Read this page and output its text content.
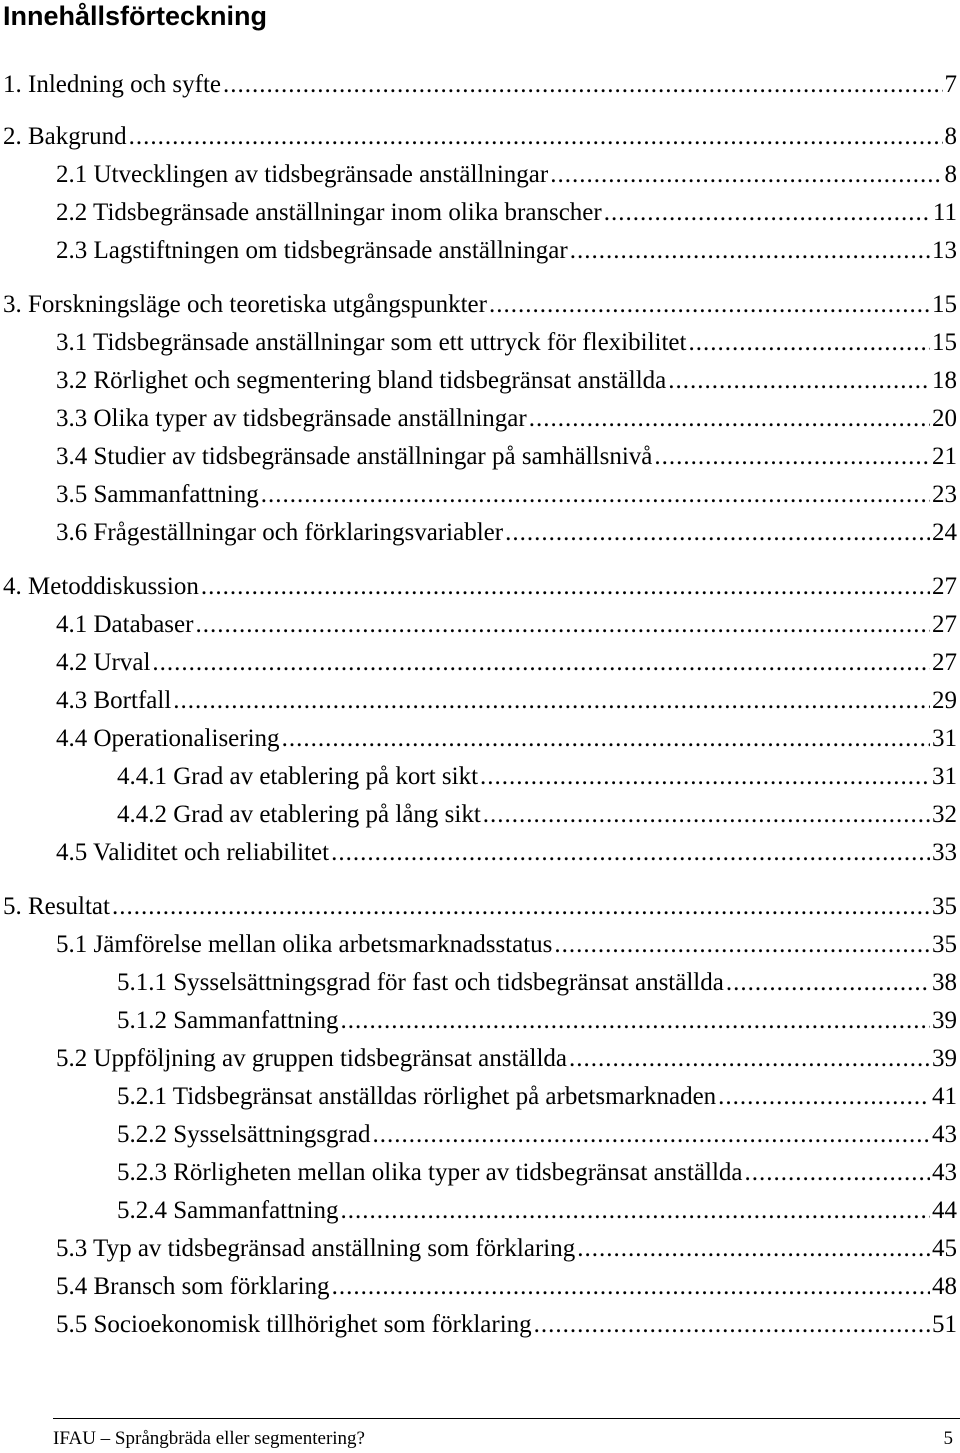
Innehållsförteckning
1. Inledning och syfte .....	7
2. Bakgrund .....	8
2.1 Utvecklingen av tidsbegränsade anställningar .....	8
2.2 Tidsbegränsade anställningar inom olika branscher .....	11
2.3 Lagstiftningen om tidsbegränsade anställningar .....	13
3. Forskningsläge och teoretiska utgångspunkter .....	15
3.1 Tidsbegränsade anställningar som ett uttryck för flexibilitet .....	15
3.2 Rörlighet och segmentering bland tidsbegränsat anställda .....	18
3.3 Olika typer av tidsbegränsade anställningar .....	20
3.4 Studier av tidsbegränsade anställningar på samhällsnivå .....	21
3.5 Sammanfattning .....	23
3.6 Frågeställningar och förklaringsvariabler .....	24
4. Metoddiskussion .....	27
4.1 Databaser .....	27
4.2 Urval .....	27
4.3 Bortfall .....	29
4.4 Operationalisering .....	31
4.4.1 Grad av etablering på kort sikt .....	31
4.4.2 Grad av etablering på lång sikt .....	32
4.5 Validitet och reliabilitet .....	33
5. Resultat .....	35
5.1 Jämförelse mellan olika arbetsmarknadsstatus .....	35
5.1.1 Sysselsättningsgrad för fast och tidsbegränsat anställda .....	38
5.1.2 Sammanfattning .....	39
5.2 Uppföljning av gruppen tidsbegränsat anställda .....	39
5.2.1 Tidsbegränsat anställdas rörlighet på arbetsmarknaden .....	41
5.2.2 Sysselsättningsgrad .....	43
5.2.3 Rörligheten mellan olika typer av tidsbegränsat anställda .....	43
5.2.4 Sammanfattning .....	44
5.3 Typ av tidsbegränsad anställning som förklaring .....	45
5.4 Bransch som förklaring .....	48
5.5 Socioekonomisk tillhörighet som förklaring .....	51
IFAU – Språngbräda eller segmentering?	5
